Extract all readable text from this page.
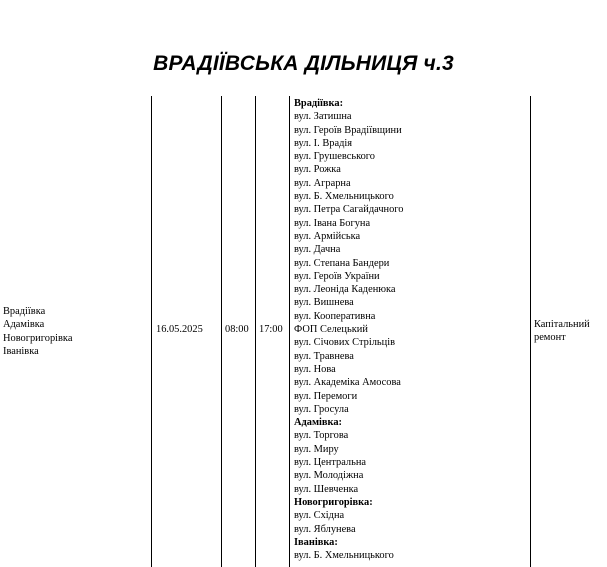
ВРАДІЇВСЬКА ДІЛЬНИЦЯ ч.3
Врадіївка
Адамівка
Новогригорівка
Іванівка
16.05.2025 08:00 17:00	Капітальний
ремонт
Врадіївка:
вул. Затишна
вул. Героїв Врадіївщини
вул. І. Врадія
вул. Грушевського
вул. Рожка
вул. Аграрна
вул. Б. Хмельницького
вул. Петра Сагайдачного
вул. Івана Богуна
вул. Армійська
вул. Дачна
вул. Степана Бандери
вул. Героїв України
вул. Леоніда Каденюка
вул. Вишнева
вул. Кооперативна
ФОП Селецький
вул. Січових Стрільців
вул. Травнева
вул. Нова
вул. Академіка Амосова
вул. Перемоги
вул. Гросула
Адамівка:
вул. Торгова
вул. Миру
вул. Центральна
вул. Молодіжна
вул. Шевченка
Новогригорівка:
вул. Східна
вул. Яблунева
Іванівка:
вул. Б. Хмельницького
